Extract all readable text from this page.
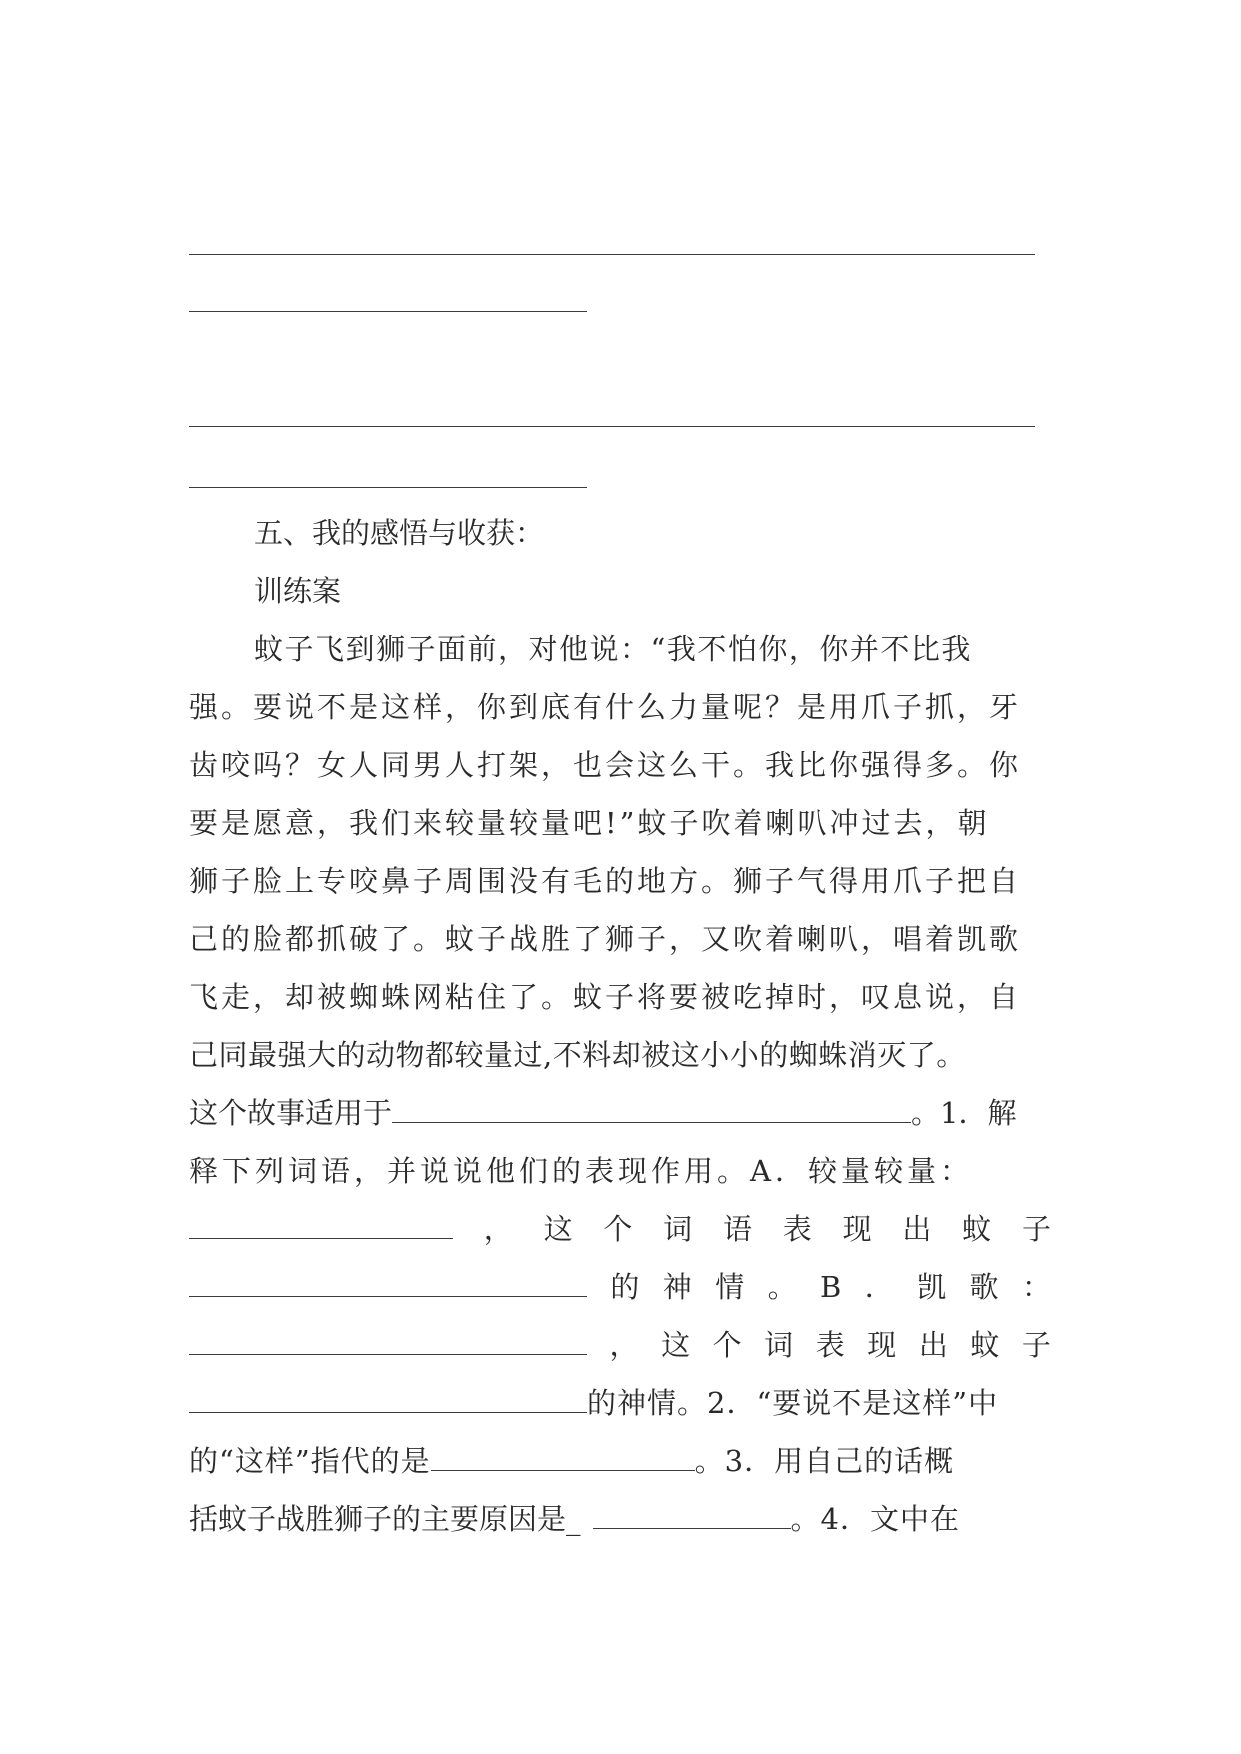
五、我的感悟与收获：
训练案
蚊子飞到狮子面前，对他说：“我不怕你，你并不比我
强。要说不是这样，你到底有什么力量呢？是用爪子抓，牙
齿咬吗？女人同男人打架，也会这么干。我比你强得多。你
要是愿意，我们来较量较量吧!”蚊子吹着喇叭冲过去，朝
狮子脸上专咬鼻子周围没有毛的地方。狮子气得用爪子把自
己的脸都抓破了。蚊子战胜了狮子，又吹着喇叭，唱着凯歌
飞走，却被蜘蛛网粘住了。蚊子将要被吃掉时，叹息说，自
己同最强大的动物都较量过,不料却被这小小的蜘蛛消灭了。
这个故事适用于	。1．解
释下列词语，并说说他们的表现作用。A．较量较量：
， 这 个 词 语 表 现 出 蚊 子
的 神 情 。 B ． 凯 歌 ：
， 这 个 词 表 现 出 蚊 子
的神情。2．“要说不是这样”中
的“这样”指代的是	。3．用自己的话概
括蚊子战胜狮子的主要原因是_	。4．文中在
